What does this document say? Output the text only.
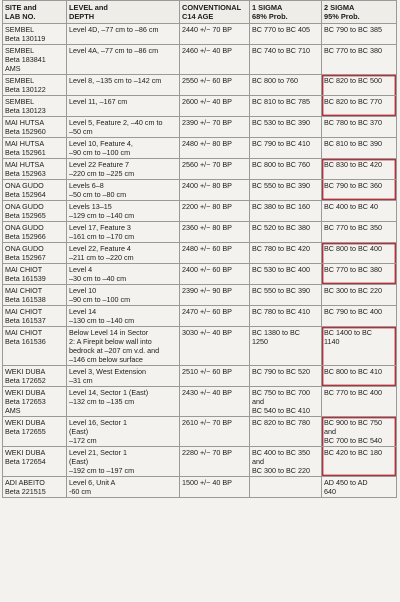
SITE and
LAB NO.	LEVEL and
DEPTH	CONVENTIONAL
C14 AGE	1 SIGMA
68% Prob.	2 SIGMA
95% Prob.
SEMBEL
Beta 130119	Level 4D, –77 cm to –86 cm	2440 +/− 70 BP	BC 770 to BC 405	BC 790 to BC 385
SEMBEL
Beta 183841
AMS	Level 4A, –77 cm to –86 cm	2460 +/− 40 BP	BC 740 to BC 710	BC 770 to BC 380
SEMBEL
Beta 130122	Level 8, –135 cm to –142 cm	2550 +/− 60 BP	BC 800 to 760	BC 820 to BC 500
SEMBEL
Beta 130123	Level 11, –167 cm	2600 +/− 40 BP	BC 810 to BC 785	BC 820 to BC 770
MAI HUTSA
Beta 152960	Level 5, Feature 2, –40 cm to
–50 cm	2390 +/− 70 BP	BC 530 to BC 390	BC 780 to BC 370
MAI HUTSA
Beta 152961	Level 10, Feature 4,
–90 cm to –100 cm	2480 +/− 80 BP	BC 790 to BC 410	BC 810 to BC 390
MAI HUTSA
Beta 152963	Level 22 Feature 7
–220 cm to –225 cm	2560 +/− 70 BP	BC 800 to BC 760	BC 830 to BC 420
ONA GUDO
Beta 152964	Levels 6–8
–50 cm to –80 cm	2400 +/− 80 BP	BC 550 to BC 390	BC 790 to BC 360
ONA GUDO
Beta 152965	Levels 13–15
–129 cm to –140 cm	2200 +/− 80 BP	BC 380 to BC 160	BC 400 to BC 40
ONA GUDO
Beta 152966	Level 17, Feature 3
–161 cm to –170 cm	2360 +/− 80 BP	BC 520 to BC 380	BC 770 to BC 350
ONA GUDO
Beta 152967	Level 22, Feature 4
–211 cm to –220 cm	2480 +/− 60 BP	BC 780 to BC 420	BC 800 to BC 400
MAI CHIOT
Beta 161539	Level 4
–30 cm to –40 cm	2400 +/− 60 BP	BC 530 to BC 400	BC 770 to BC 380
MAI CHIOT
Beta 161538	Level 10
–90 cm to –100 cm	2390 +/− 90 BP	BC 550 to BC 390	BC 300 to BC 220
MAI CHIOT
Beta 161537	Level 14
–130 cm to –140 cm	2470 +/− 60 BP	BC 780 to BC 410	BC 790 to BC 400
MAI CHIOT
Beta 161536	Below Level 14 in Sector
2: A Firepit below wall into
bedrock at –207 cm v.d. and
–146 cm below surface	3030 +/− 40 BP	BC 1380 to BC
1250	BC 1400 to BC
1140
WEKI DUBA
Beta 172652	Level 3, West Extension
–31 cm	2510 +/− 60 BP	BC 790 to BC 520	BC 800 to BC 410
WEKI DUBA
Beta 172653
AMS	Level 14, Sector 1 (East)
–132 cm to –135 cm	2430 +/− 40 BP	BC 750 to BC 700
and
BC 540 to BC 410	BC 770 to BC 400
WEKI DUBA
Beta 172655	Level 16, Sector 1
(East)
–172 cm	2610 +/− 70 BP	BC 820 to BC 780	BC 900 to BC 750
and
BC 700 to BC 540
WEKI DUBA
Beta 172654	Level 21, Sector 1
(East)
–192 cm to –197 cm	2280 +/− 70 BP	BC 400 to BC 350
and
BC 300 to BC 220	BC 420 to BC 180
ADI ABEITO
Beta 221515	Level 6, Unit A
-60 cm	1500 +/− 40 BP		AD 450 to AD
640
